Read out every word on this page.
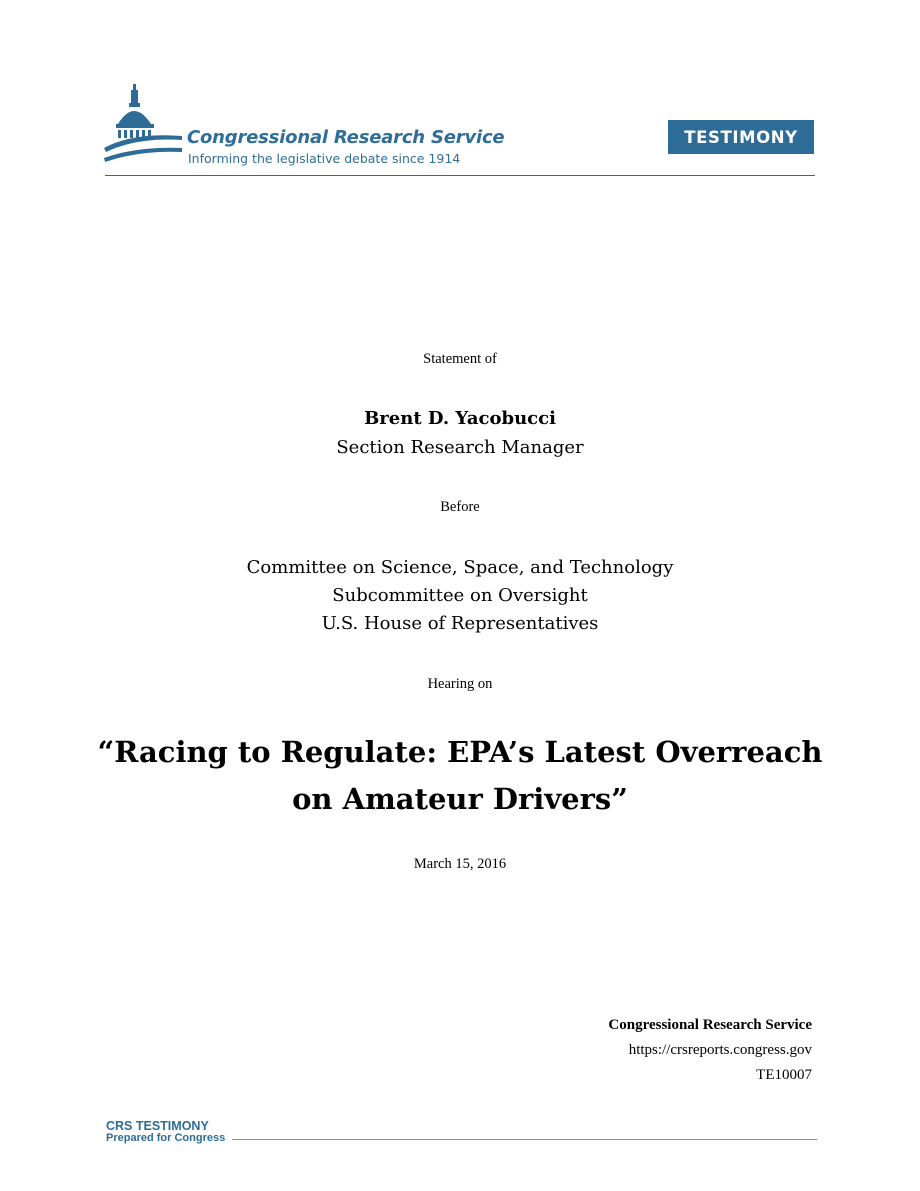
Congressional Research Service
Informing the legislative debate since 1914
TESTIMONY
Statement of
Brent D. Yacobucci
Section Research Manager
Before
Committee on Science, Space, and Technology
Subcommittee on Oversight
U.S. House of Representatives
Hearing on
“Racing to Regulate: EPA’s Latest Overreach
on Amateur Drivers”
March 15, 2016
Congressional Research Service
https://crsreports.congress.gov
TE10007
CRS TESTIMONY
Prepared for Congress
